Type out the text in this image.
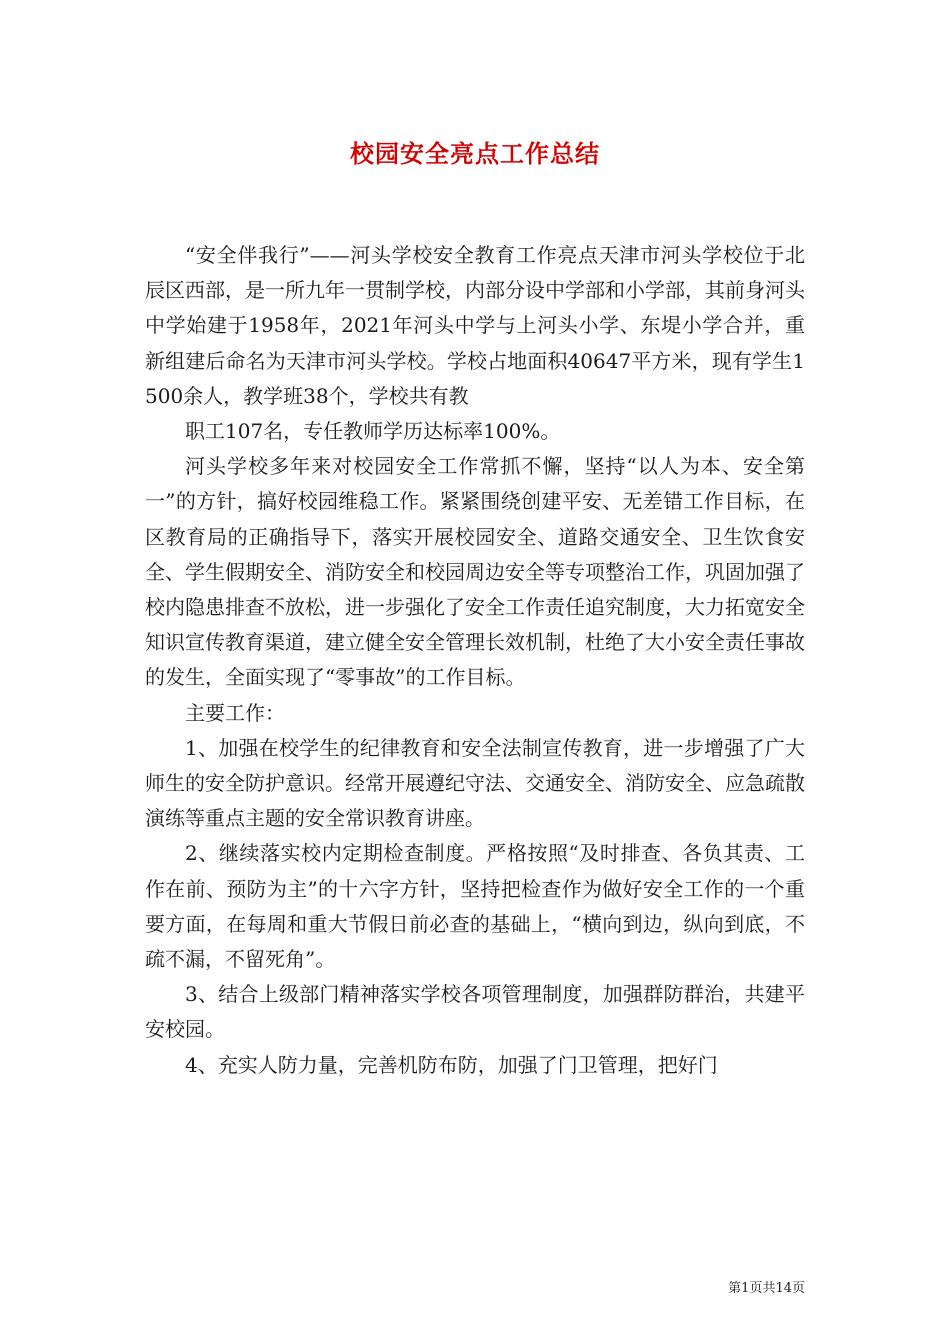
校园安全亮点工作总结

“安全伴我行”——河头学校安全教育工作亮点天津市河头学校位于北辰区西部，是一所九年一贯制学校，内部分设中学部和小学部，其前身河头中学始建于1958年，2021年河头中学与上河头小学、东堤小学合并，重新组建后命名为天津市河头学校。学校占地面积40647平方米，现有学生1500余人，教学班38个，学校共有教

职工107名，专任教师学历达标率100%。

河头学校多年来对校园安全工作常抓不懈，坚持“以人为本、安全第一”的方针，搞好校园维稳工作。紧紧围绕创建平安、无差错工作目标，在区教育局的正确指导下，落实开展校园安全、道路交通安全、卫生饮食安全、学生假期安全、消防安全和校园周边安全等专项整治工作，巩固加强了校内隐患排查不放松，进一步强化了安全工作责任追究制度，大力拓宽安全知识宣传教育渠道，建立健全安全管理长效机制，杜绝了大小安全责任事故的发生，全面实现了“零事故”的工作目标。

主要工作：

1、加强在校学生的纪律教育和安全法制宣传教育，进一步增强了广大师生的安全防护意识。经常开展遵纪守法、交通安全、消防安全、应急疏散演练等重点主题的安全常识教育讲座。

2、继续落实校内定期检查制度。严格按照“及时排查、各负其责、工作在前、预防为主”的十六字方针，坚持把检查作为做好安全工作的一个重要方面，在每周和重大节假日前必查的基础上，“横向到边，纵向到底，不疏不漏，不留死角”。

3、结合上级部门精神落实学校各项管理制度，加强群防群治，共建平安校园。

4、充实人防力量，完善机防布防，加强了门卫管理，把好门

第1页共14页
